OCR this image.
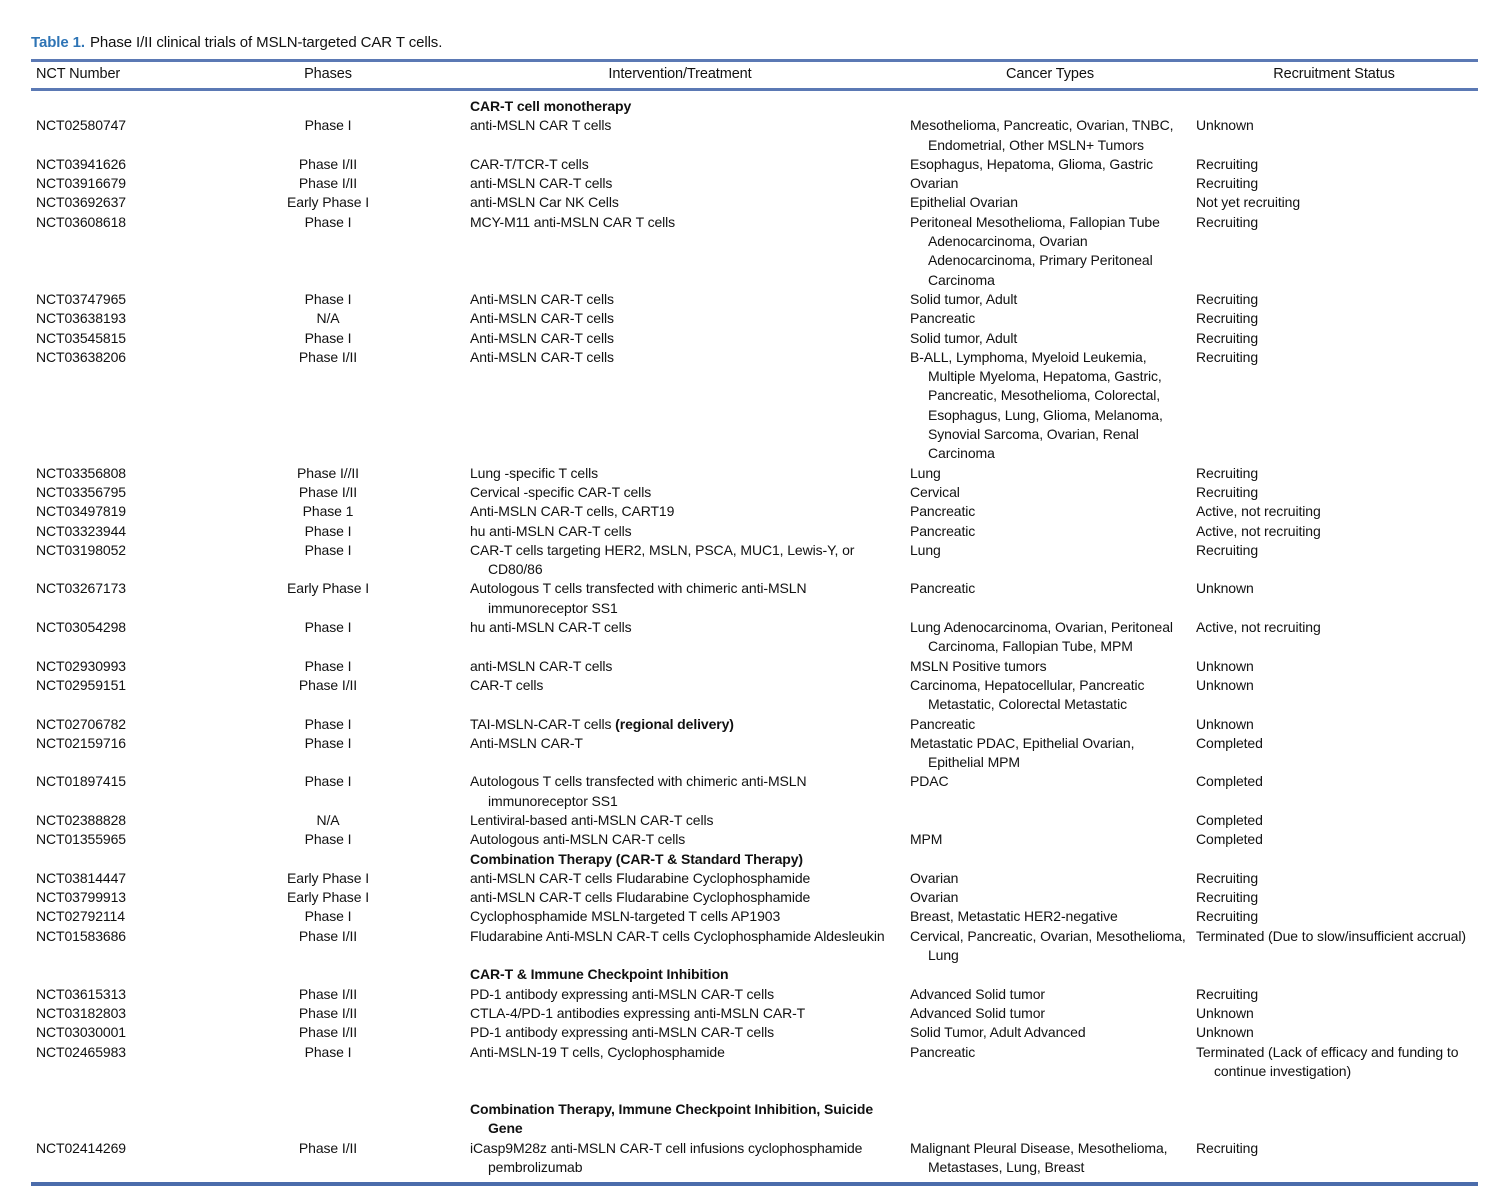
Table 1. Phase I/II clinical trials of MSLN-targeted CAR T cells.

NCT Number	Phases	Intervention/Treatment	Cancer Types	Recruitment Status

		CAR-T cell monotherapy		

NCT02580747	Phase I	anti-MSLN CAR T cells	Mesothelioma, Pancreatic, Ovarian, TNBC, Endometrial, Other MSLN+ Tumors	Unknown

NCT03941626	Phase I/II	CAR-T/TCR-T cells	Esophagus, Hepatoma, Glioma, Gastric	Recruiting

NCT03916679	Phase I/II	anti-MSLN CAR-T cells	Ovarian	Recruiting

NCT03692637	Early Phase I	anti-MSLN Car NK Cells	Epithelial Ovarian	Not yet recruiting

NCT03608618	Phase I	MCY-M11 anti-MSLN CAR T cells	Peritoneal Mesothelioma, Fallopian Tube Adenocarcinoma, Ovarian Adenocarcinoma, Primary Peritoneal Carcinoma	Recruiting

NCT03747965	Phase I	Anti-MSLN CAR-T cells	Solid tumor, Adult	Recruiting

NCT03638193	N/A	Anti-MSLN CAR-T cells	Pancreatic	Recruiting

NCT03545815	Phase I	Anti-MSLN CAR-T cells	Solid tumor, Adult	Recruiting

NCT03638206	Phase I/II	Anti-MSLN CAR-T cells	B-ALL, Lymphoma, Myeloid Leukemia, Multiple Myeloma, Hepatoma, Gastric, Pancreatic, Mesothelioma, Colorectal, Esophagus, Lung, Glioma, Melanoma, Synovial Sarcoma, Ovarian, Renal Carcinoma	Recruiting

NCT03356808	Phase I//II	Lung -specific T cells	Lung	Recruiting

NCT03356795	Phase I/II	Cervical -specific CAR-T cells	Cervical	Recruiting

NCT03497819	Phase 1	Anti-MSLN CAR-T cells, CART19	Pancreatic	Active, not recruiting

NCT03323944	Phase I	hu anti-MSLN CAR-T cells	Pancreatic	Active, not recruiting

NCT03198052	Phase I	CAR-T cells targeting HER2, MSLN, PSCA, MUC1, Lewis-Y, or CD80/86	Lung	Recruiting

NCT03267173	Early Phase I	Autologous T cells transfected with chimeric anti-MSLN immunoreceptor SS1	Pancreatic	Unknown

NCT03054298	Phase I	hu anti-MSLN CAR-T cells	Lung Adenocarcinoma, Ovarian, Peritoneal Carcinoma, Fallopian Tube, MPM	Active, not recruiting

NCT02930993	Phase I	anti-MSLN CAR-T cells	MSLN Positive tumors	Unknown

NCT02959151	Phase I/II	CAR-T cells	Carcinoma, Hepatocellular, Pancreatic Metastatic, Colorectal Metastatic	Unknown

NCT02706782	Phase I	TAI-MSLN-CAR-T cells (regional delivery)	Pancreatic	Unknown

NCT02159716	Phase I	Anti-MSLN CAR-T	Metastatic PDAC, Epithelial Ovarian, Epithelial MPM	Completed

NCT01897415	Phase I	Autologous T cells transfected with chimeric anti-MSLN immunoreceptor SS1	PDAC	Completed

NCT02388828	N/A	Lentiviral-based anti-MSLN CAR-T cells		Completed

NCT01355965	Phase I	Autologous anti-MSLN CAR-T cells	MPM	Completed

		Combination Therapy (CAR-T & Standard Therapy)		

NCT03814447	Early Phase I	anti-MSLN CAR-T cells Fludarabine Cyclophosphamide	Ovarian	Recruiting

NCT03799913	Early Phase I	anti-MSLN CAR-T cells Fludarabine Cyclophosphamide	Ovarian	Recruiting

NCT02792114	Phase I	Cyclophosphamide MSLN-targeted T cells AP1903	Breast, Metastatic HER2-negative	Recruiting

NCT01583686	Phase I/II	Fludarabine Anti-MSLN CAR-T cells Cyclophosphamide Aldesleukin	Cervical, Pancreatic, Ovarian, Mesothelioma, Lung	Terminated (Due to slow/insufficient accrual)

		CAR-T & Immune Checkpoint Inhibition		

NCT03615313	Phase I/II	PD-1 antibody expressing anti-MSLN CAR-T cells	Advanced Solid tumor	Recruiting

NCT03182803	Phase I/II	CTLA-4/PD-1 antibodies expressing anti-MSLN CAR-T	Advanced Solid tumor	Unknown

NCT03030001	Phase I/II	PD-1 antibody expressing anti-MSLN CAR-T cells	Solid Tumor, Adult Advanced	Unknown

NCT02465983	Phase I	Anti-MSLN-19 T cells, Cyclophosphamide	Pancreatic	Terminated (Lack of efficacy and funding to continue investigation)

		Combination Therapy, Immune Checkpoint Inhibition, Suicide Gene		

NCT02414269	Phase I/II	iCasp9M28z anti-MSLN CAR-T cell infusions cyclophosphamide pembrolizumab	Malignant Pleural Disease, Mesothelioma, Metastases, Lung, Breast	Recruiting
